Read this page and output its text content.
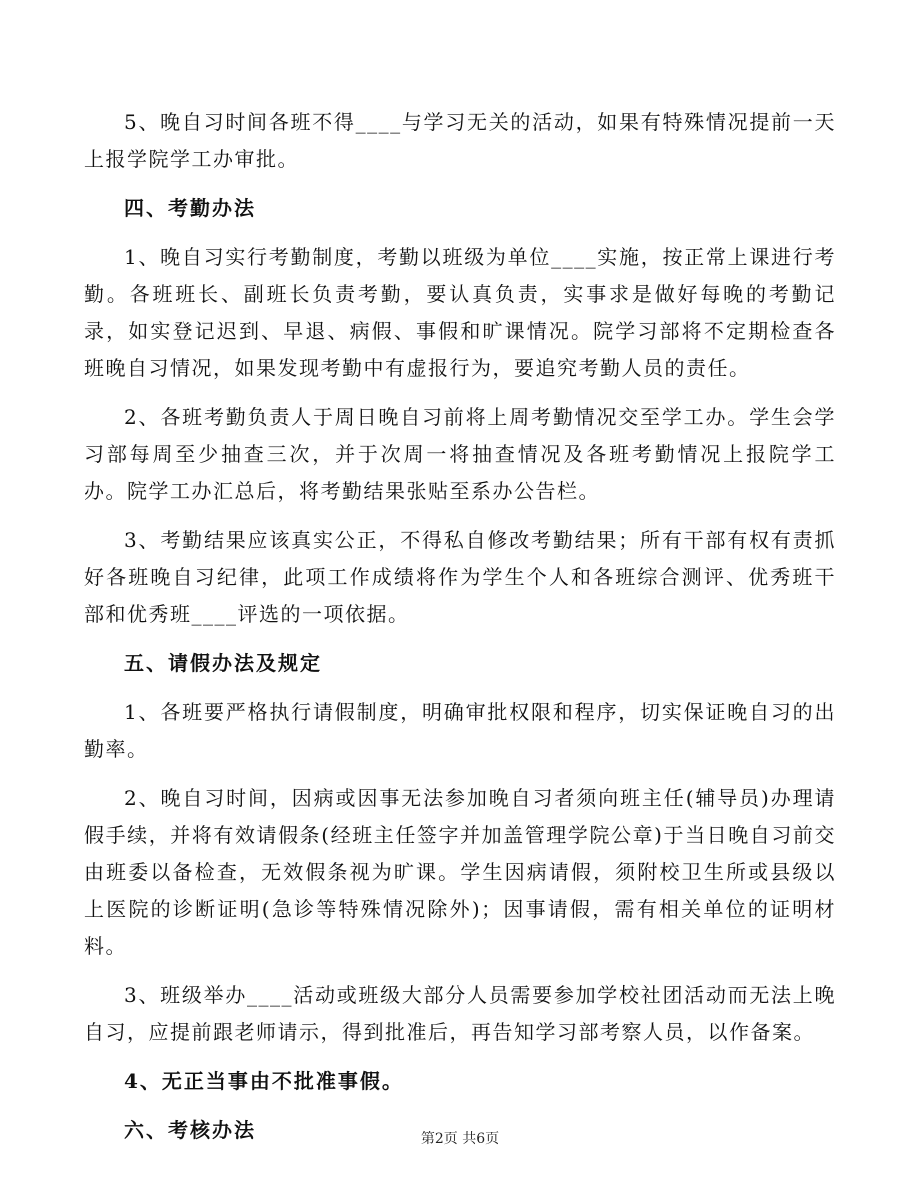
5、晚自习时间各班不得____与学习无关的活动，如果有特殊情况提前一天上报学院学工办审批。

四、考勤办法

1、晚自习实行考勤制度，考勤以班级为单位____实施，按正常上课进行考勤。各班班长、副班长负责考勤，要认真负责，实事求是做好每晚的考勤记录，如实登记迟到、早退、病假、事假和旷课情况。院学习部将不定期检查各班晚自习情况，如果发现考勤中有虚报行为，要追究考勤人员的责任。

2、各班考勤负责人于周日晚自习前将上周考勤情况交至学工办。学生会学习部每周至少抽查三次，并于次周一将抽查情况及各班考勤情况上报院学工办。院学工办汇总后，将考勤结果张贴至系办公告栏。

3、考勤结果应该真实公正，不得私自修改考勤结果；所有干部有权有责抓好各班晚自习纪律，此项工作成绩将作为学生个人和各班综合测评、优秀班干部和优秀班____评选的一项依据。

五、请假办法及规定

1、各班要严格执行请假制度，明确审批权限和程序，切实保证晚自习的出勤率。

2、晚自习时间，因病或因事无法参加晚自习者须向班主任(辅导员)办理请假手续，并将有效请假条(经班主任签字并加盖管理学院公章)于当日晚自习前交由班委以备检查，无效假条视为旷课。学生因病请假，须附校卫生所或县级以上医院的诊断证明(急诊等特殊情况除外)；因事请假，需有相关单位的证明材料。

3、班级举办____活动或班级大部分人员需要参加学校社团活动而无法上晚自习，应提前跟老师请示，得到批准后，再告知学习部考察人员，以作备案。

4、无正当事由不批准事假。

六、考核办法	第2页 共6页
